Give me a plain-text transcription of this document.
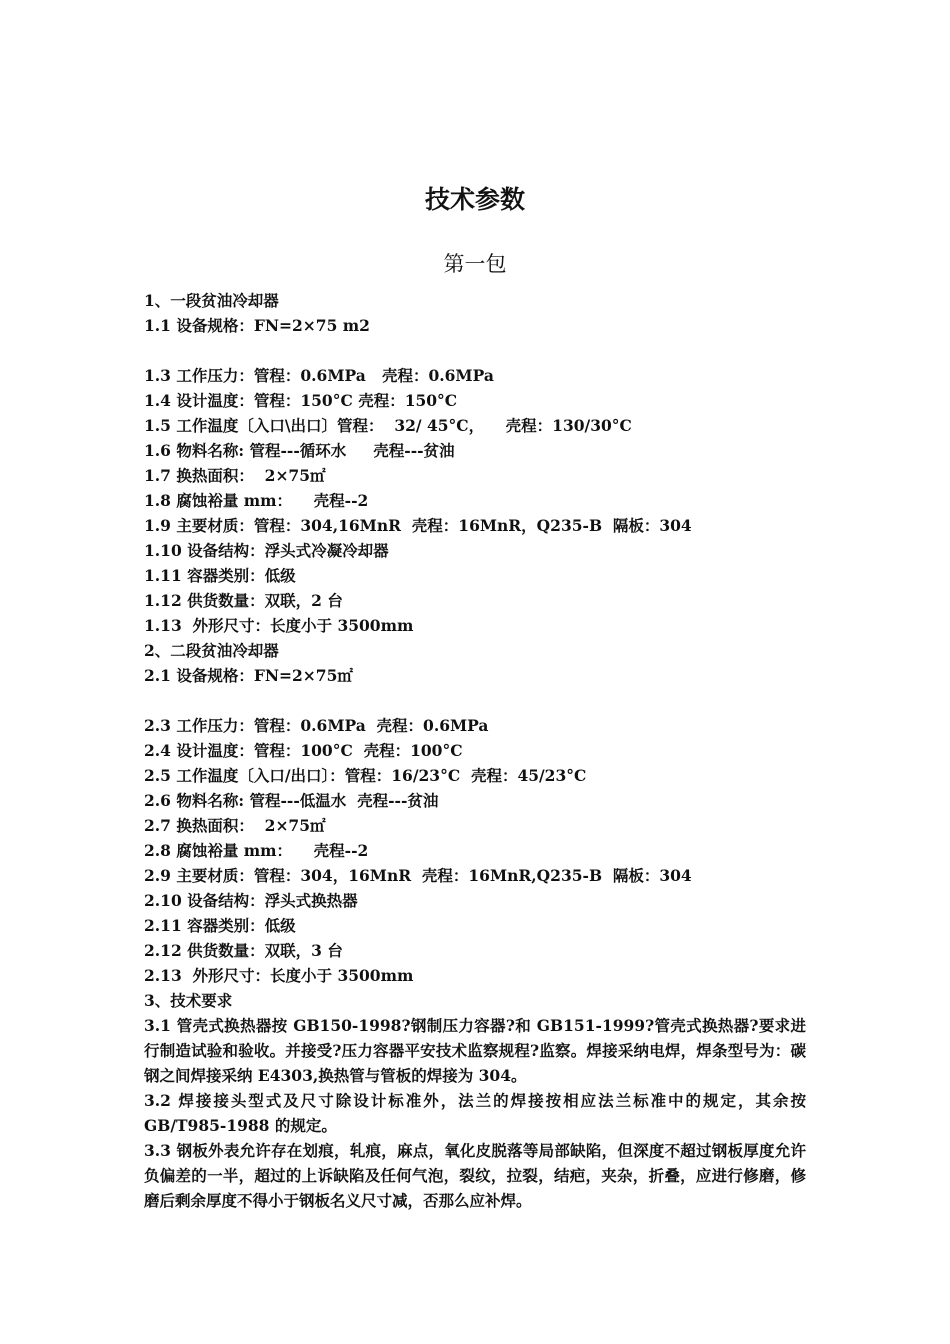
技术参数
第一包
1、一段贫油冷却器
1.1 设备规格：FN=2×75 m2
1.3 工作压力：管程：0.6MPa   壳程：0.6MPa
1.4 设计温度：管程：150°C 壳程：150°C
1.5 工作温度〔入口\出口〕管程：  32/ 45°C，    壳程：130/30°C
1.6 物料名称: 管程---循环水     壳程---贫油
1.7 换热面积：  2×75㎡
1.8 腐蚀裕量 mm：    壳程--2
1.9 主要材质：管程：304,16MnR  壳程：16MnR，Q235-B  隔板：304
1.10 设备结构：浮头式冷凝冷却器
1.11 容器类别：低级
1.12 供货数量：双联，2 台
1.13  外形尺寸：长度小于 3500mm
2、二段贫油冷却器
2.1 设备规格：FN=2×75㎡
2.3 工作压力：管程：0.6MPa  壳程：0.6MPa
2.4 设计温度：管程：100°C  壳程：100°C
2.5 工作温度〔入口/出口〕：管程：16/23°C  壳程：45/23°C
2.6 物料名称: 管程---低温水  壳程---贫油
2.7 换热面积：  2×75㎡
2.8 腐蚀裕量 mm：    壳程--2
2.9 主要材质：管程：304，16MnR  壳程：16MnR,Q235-B  隔板：304
2.10 设备结构：浮头式换热器
2.11 容器类别：低级
2.12 供货数量：双联，3 台
2.13  外形尺寸：长度小于 3500mm
3、技术要求
3.1 管壳式换热器按 GB150-1998?钢制压力容器?和 GB151-1999?管壳式换热器?要求进行制造试验和验收。并接受?压力容器平安技术监察规程?监察。焊接采纳电焊，焊条型号为：碳钢之间焊接采纳 E4303,换热管与管板的焊接为 304。
3.2 焊接接头型式及尺寸除设计标准外，法兰的焊接按相应法兰标准中的规定，其余按 GB/T985-1988 的规定。
3.3 钢板外表允许存在划痕，轧痕，麻点，氧化皮脱落等局部缺陷，但深度不超过钢板厚度允许负偏差的一半，超过的上诉缺陷及任何气泡，裂纹，拉裂，结疤，夹杂，折叠，应进行修磨，修磨后剩余厚度不得小于钢板名义尺寸减，否那么应补焊。
